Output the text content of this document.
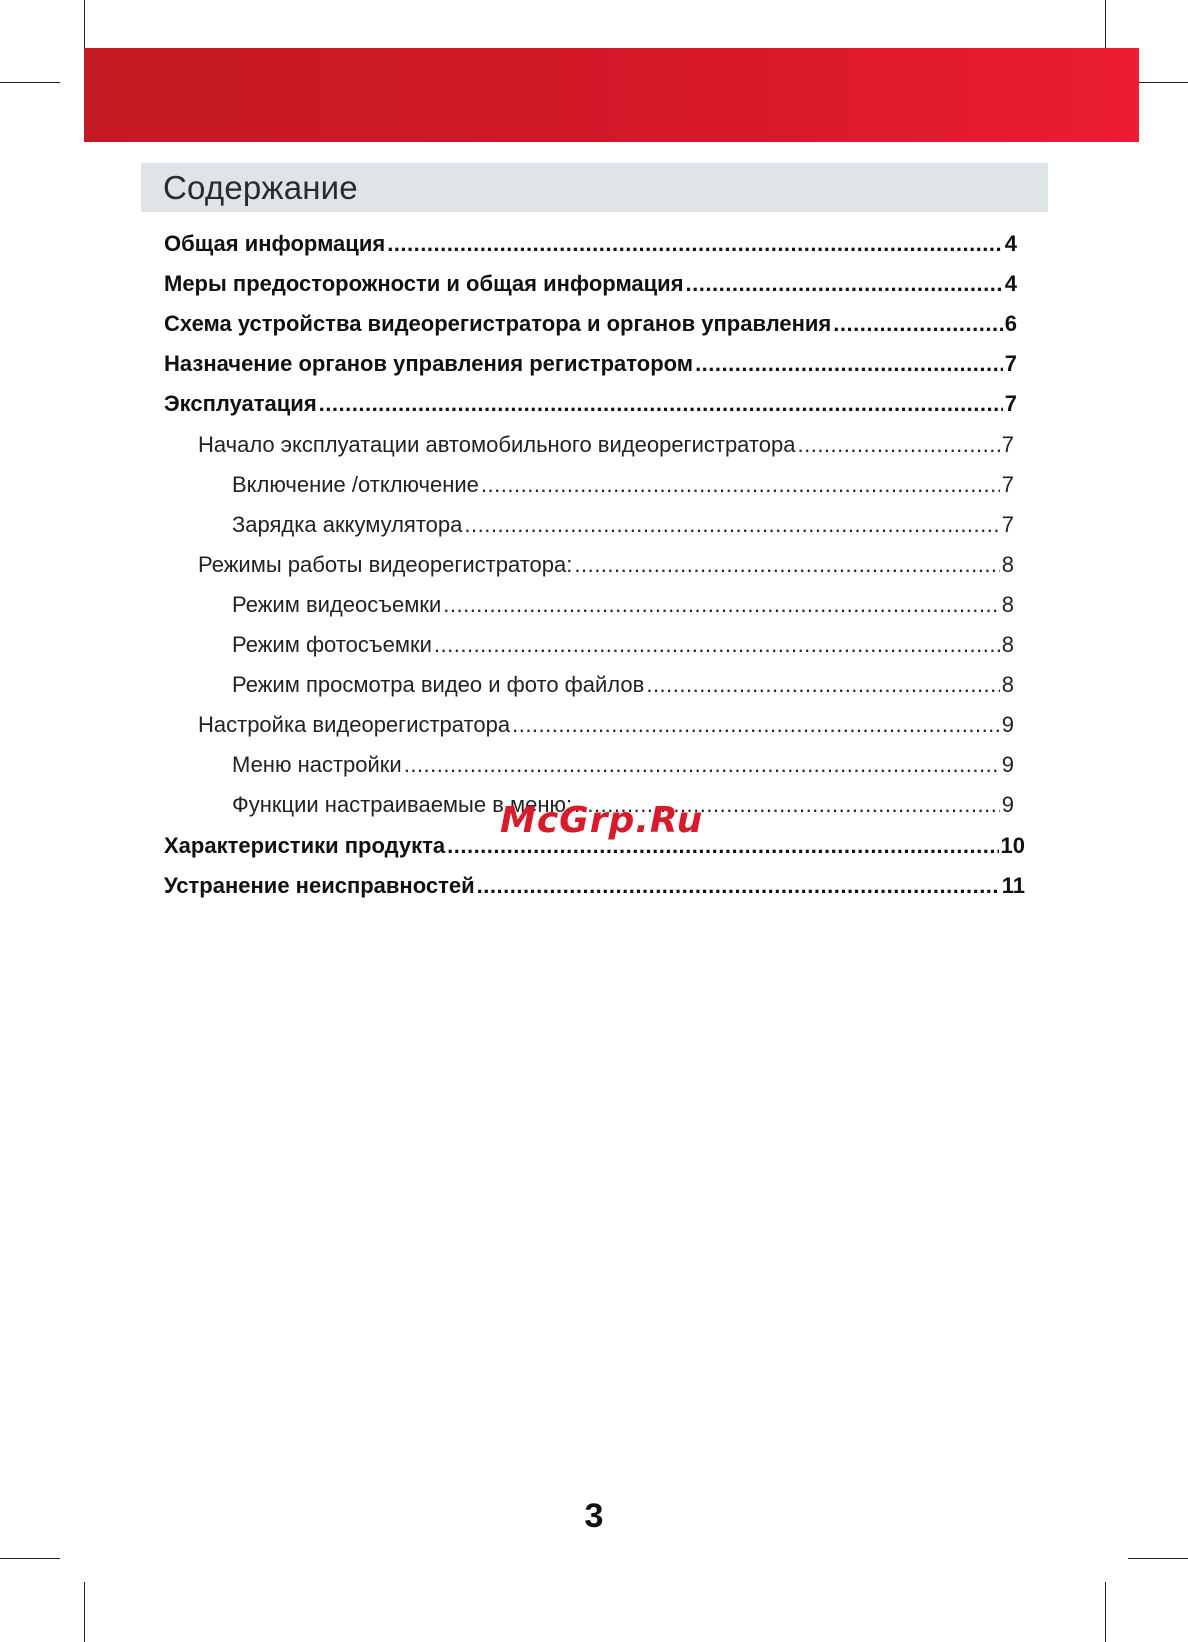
Содержание
Общая информация .....	4
Меры предосторожности и общая информация .....	4
Схема устройства видеорегистратора и органов управления .....	6
Назначение органов управления регистратором .....	7
Эксплуатация .....	7
Начало эксплуатации автомобильного видеорегистратора .....	7
Включение /отключение .....	7
Зарядка аккумулятора .....	7
Режимы работы видеорегистратора: .....	8
Режим видеосъемки .....	8
Режим фотосъемки .....	8
Режим просмотра видео и фото файлов .....	8
Настройка видеорегистратора .....	9
Меню настройки .....	9
Функции настраиваемые в меню: .....	9
Характеристики продукта .....	10
Устранение неисправностей .....	11
McGrp.Ru
3
